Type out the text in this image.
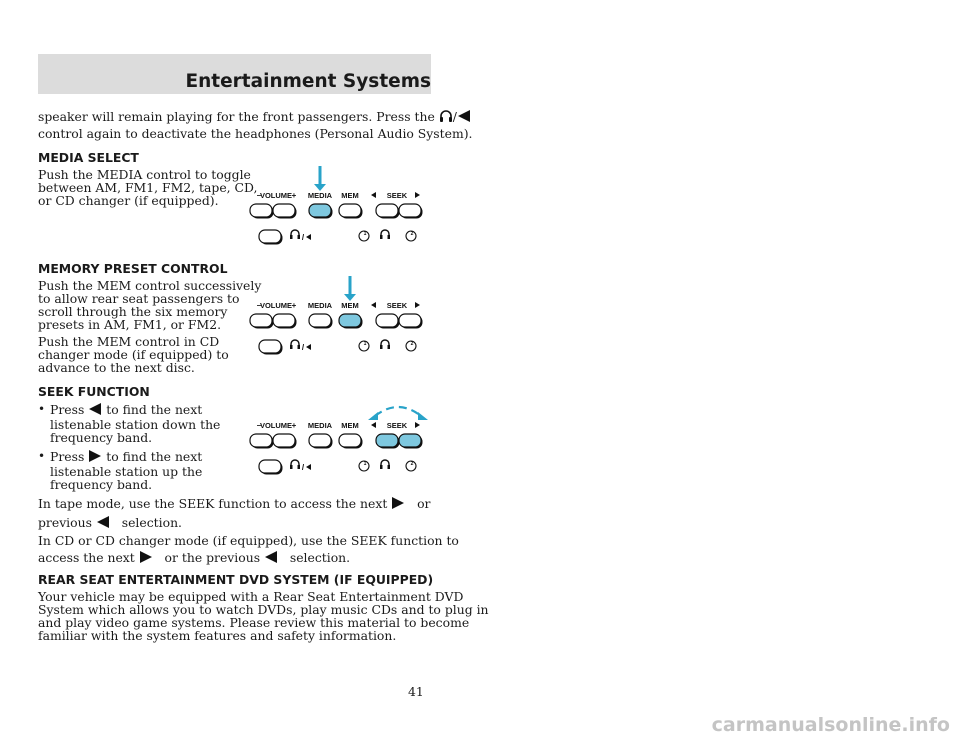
Entertainment Systems
speaker will remain playing for the front passengers. Press the /
control again to deactivate the headphones (Personal Audio System).
MEDIA SELECT
Push the MEDIA control to toggle
between AM, FM1, FM2, tape, CD,
or CD changer (if equipped).
MEMORY PRESET CONTROL
Push the MEM control successively
to allow rear seat passengers to
scroll through the six memory
presets in AM, FM1, or FM2.
Push the MEM control in CD
changer mode (if equipped) to
advance to the next disc.
SEEK FUNCTION
• Press to find the next
listenable station down the
frequency band.
• Press to find the next
listenable station up the
frequency band.
In tape mode, use the SEEK function to access the next or
previous selection.
In CD or CD changer mode (if equipped), use the SEEK function to
access the next or the previous selection.
REAR SEAT ENTERTAINMENT DVD SYSTEM (IF EQUIPPED)
Your vehicle may be equipped with a Rear Seat Entertainment DVD
System which allows you to watch DVDs, play music CDs and to plug in
and play video game systems. Please review this material to become
familiar with the system features and safety information.
–
VOLUME + MEDIA MEM	SEEK
/	1	2
–
VOLUME + MEDIA MEM	SEEK
/	1	2
–
VOLUME + MEDIA MEM	SEEK
/	1	2
41
carmanualsonline.info
